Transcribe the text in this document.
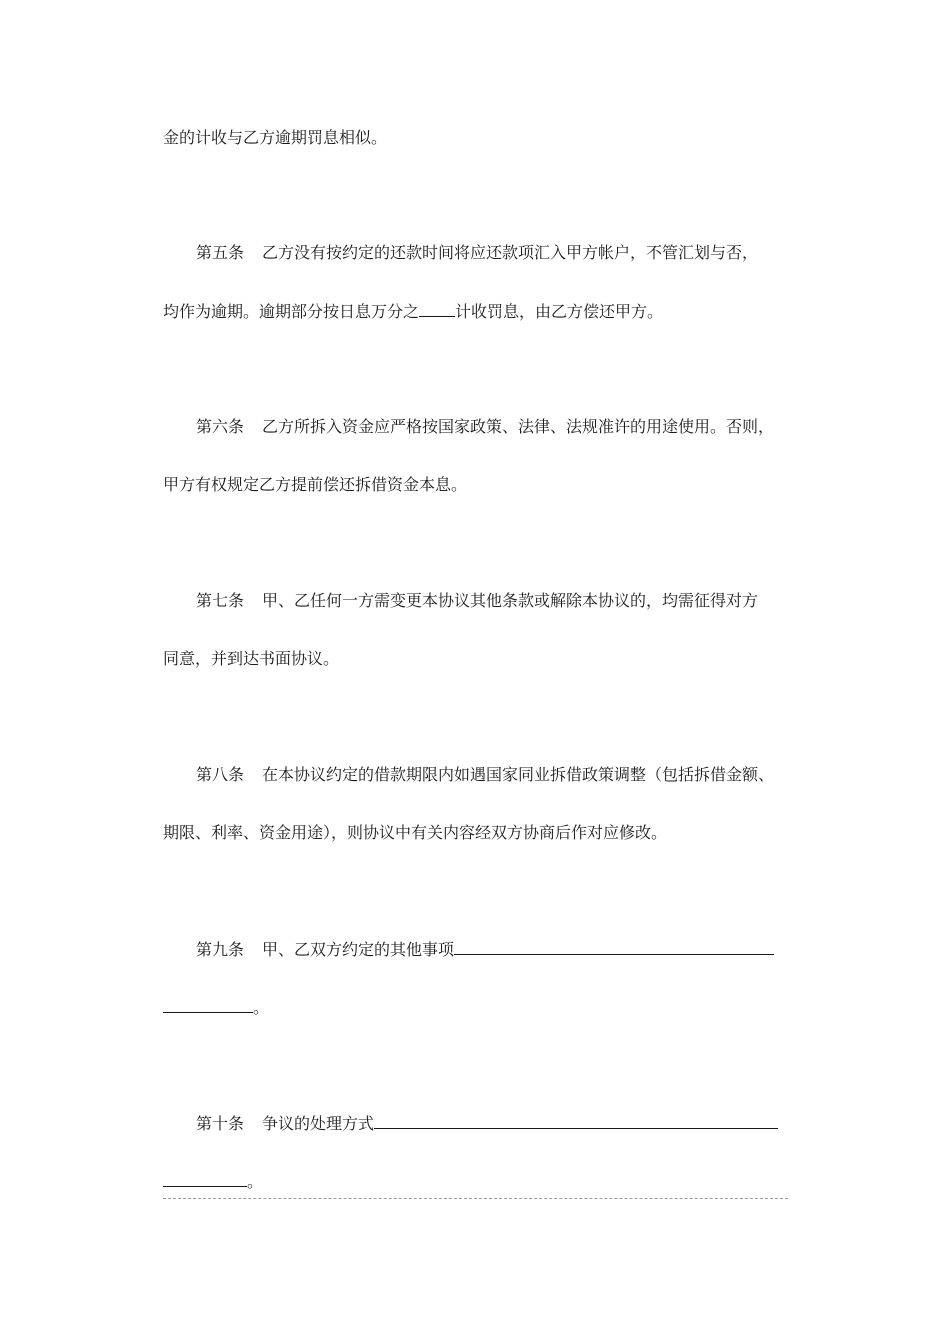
金的计收与乙方逾期罚息相似。
第五条 乙方没有按约定的还款时间将应还款项汇入甲方帐户，不管汇划与否，
均作为逾期。逾期部分按日息万分之 计收罚息，由乙方偿还甲方。
第六条 乙方所拆入资金应严格按国家政策、法律、法规准许的用途使用。否则，
甲方有权规定乙方提前偿还拆借资金本息。
第七条 甲、乙任何一方需变更本协议其他条款或解除本协议的，均需征得对方
同意，并到达书面协议。
第八条 在本协议约定的借款期限内如遇国家同业拆借政策调整（包括拆借金额、
期限、利率、资金用途），则协议中有关内容经双方协商后作对应修改。
第九条 甲、乙双方约定的其他事项
。
第十条 争议的处理方式
。
